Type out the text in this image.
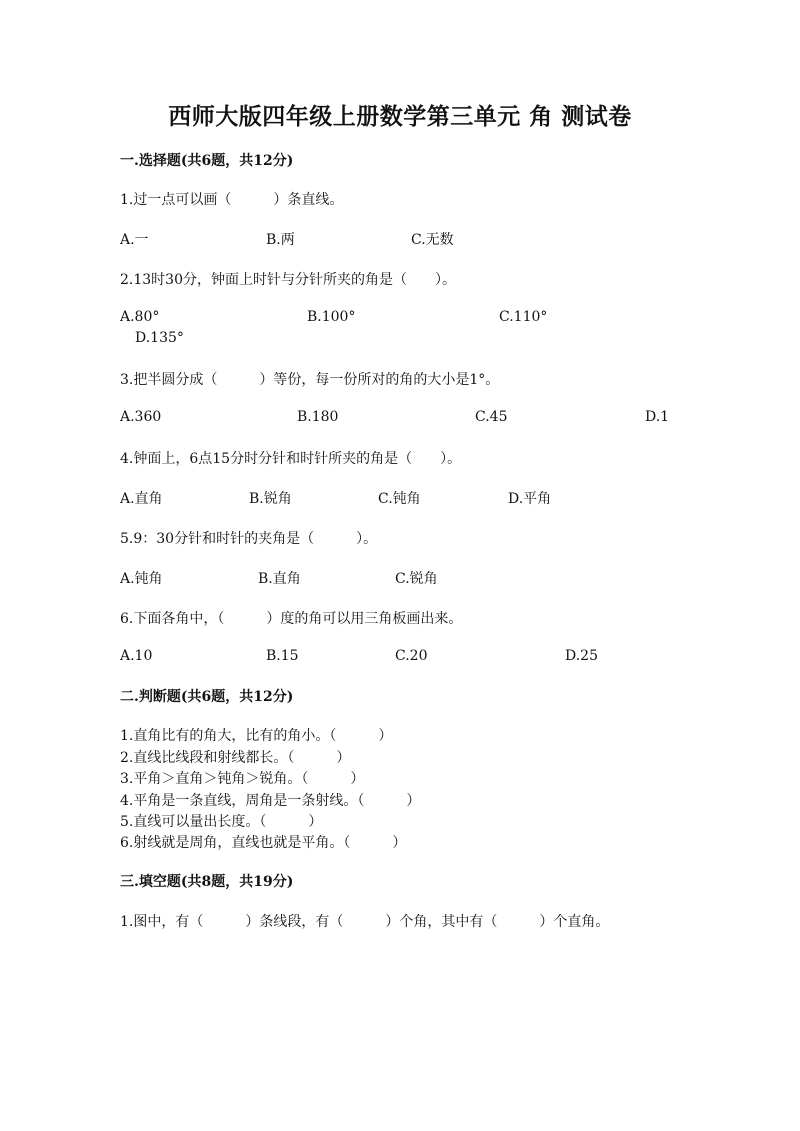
西师大版四年级上册数学第三单元 角 测试卷
一.选择题(共6题，共12分)
1.过一点可以画（　　　）条直线。
A.一	B.两	C.无数
2.13时30分，钟面上时针与分针所夹的角是（　　）。
A.80°	B.100°	C.110°
D.135°
3.把半圆分成（　　　）等份，每一份所对的角的大小是1°。
A.360	B.180	C.45	D.1
4.钟面上，6点15分时分针和时针所夹的角是（　　）。
A.直角	B.锐角	C.钝角	D.平角
5.9：30分针和时针的夹角是（　　　）。
A.钝角	B.直角	C.锐角
6.下面各角中，（　　　）度的角可以用三角板画出来。
A.10	B.15	C.20	D.25
二.判断题(共6题，共12分)
1.直角比有的角大，比有的角小。（　　　）
2.直线比线段和射线都长。（　　　）
3.平角＞直角＞钝角＞锐角。（　　　）
4.平角是一条直线，周角是一条射线。（　　　）
5.直线可以量出长度。（　　　）
6.射线就是周角，直线也就是平角。（　　　）
三.填空题(共8题，共19分)
1.图中，有（　　　）条线段，有（　　　）个角，其中有（　　　）个直角。
